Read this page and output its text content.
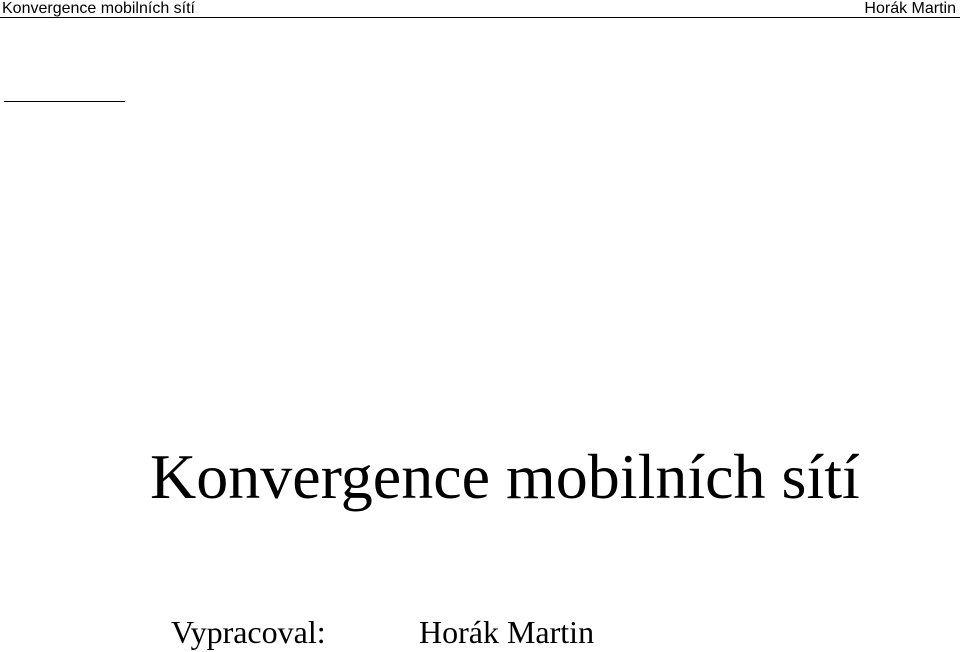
Konvergence mobilních sítí	Horák Martin
Konvergence mobilních sítí
Vypracoval:	Horák Martin
